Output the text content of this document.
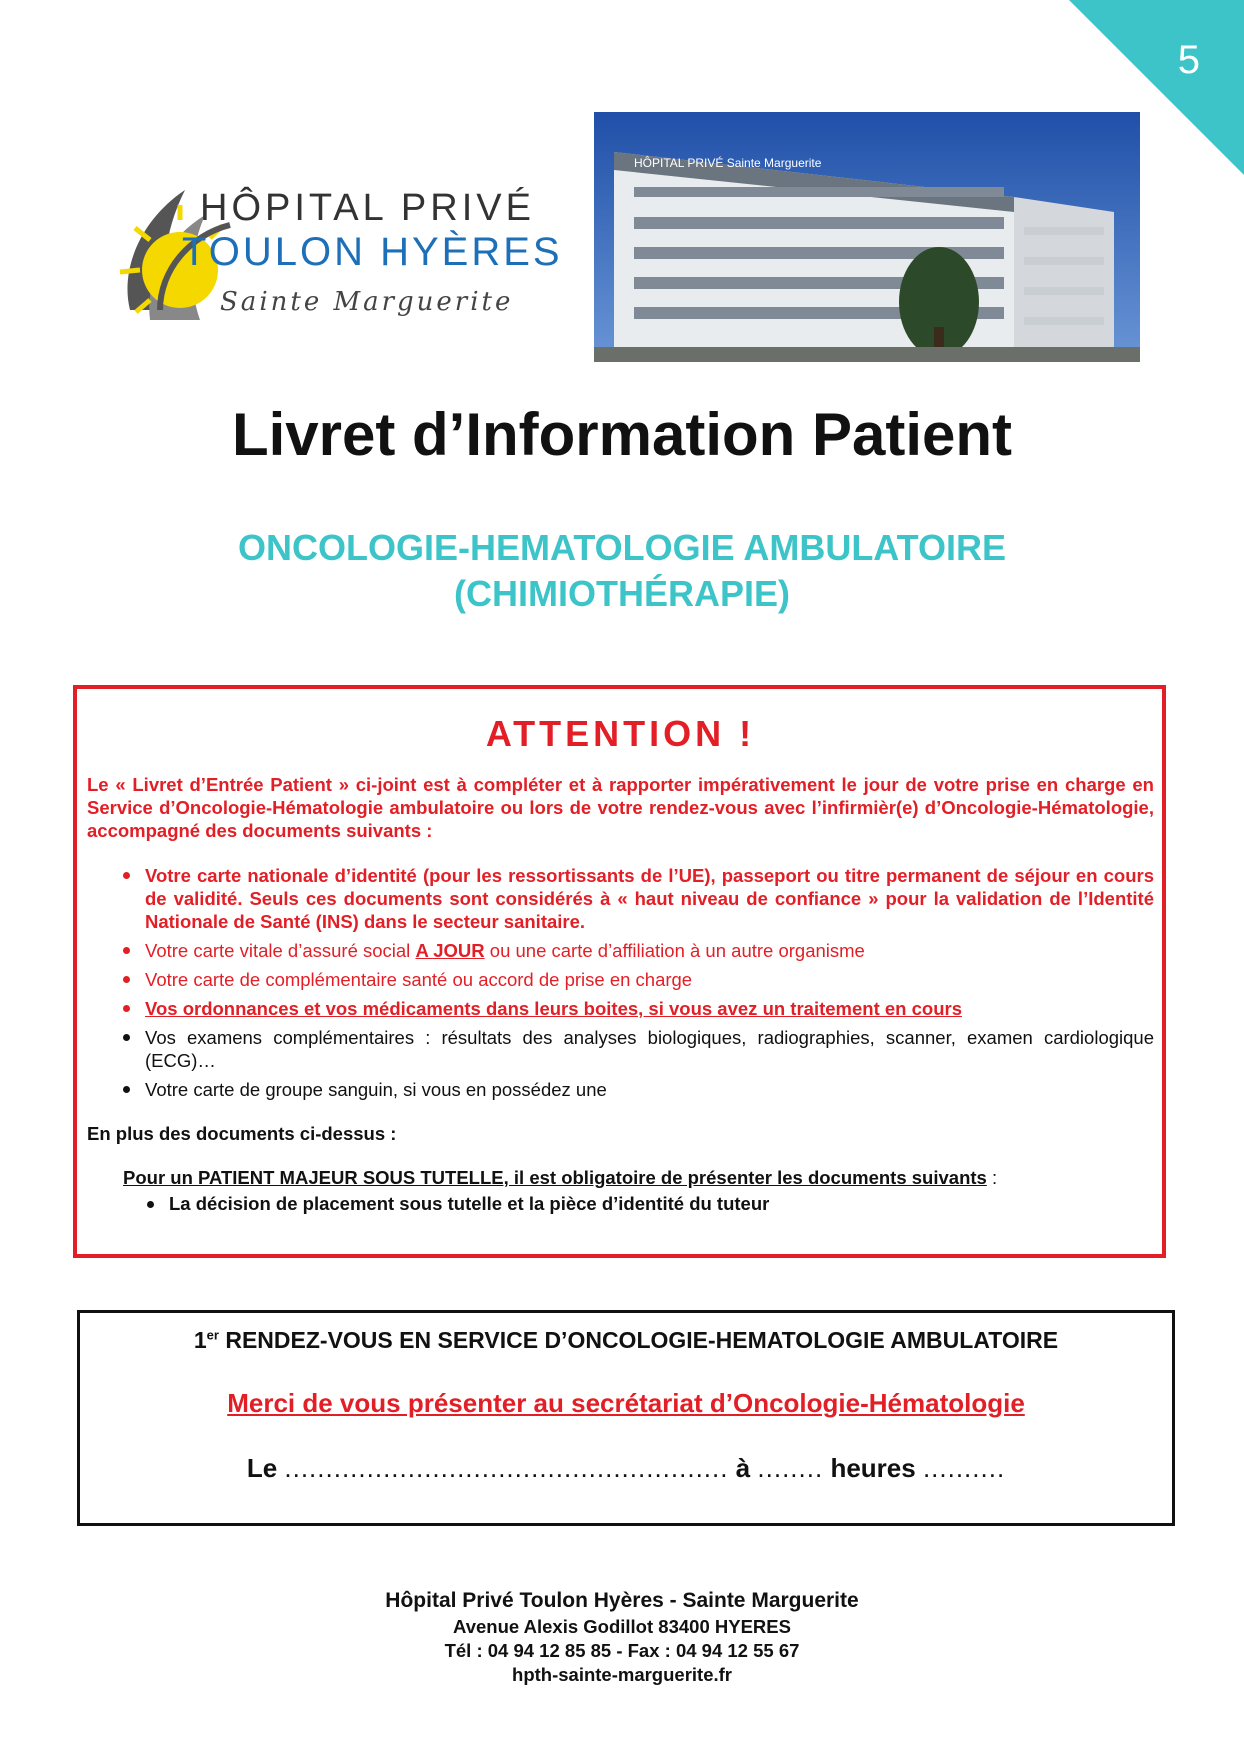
5
HÔPITAL PRIVÉ
TOULON HYÈRES
Sainte Marguerite
HÔPITAL PRIVÉ Sainte Marguerite
Livret d’Information Patient
ONCOLOGIE-HEMATOLOGIE AMBULATOIRE
(CHIMIOTHÉRAPIE)
ATTENTION !

Le « Livret d’Entrée Patient » ci-joint est à compléter et à rapporter impérativement le jour de votre prise en charge en Service d’Oncologie-Hématologie ambulatoire ou lors de votre rendez-vous avec l’infirmièr(e) d’Oncologie-Hématologie, accompagné des documents suivants :

Votre carte nationale d’identité (pour les ressortissants de l’UE), passeport ou titre permanent de séjour en cours de validité. Seuls ces documents sont considérés à « haut niveau de confiance » pour la validation de l’Identité Nationale de Santé (INS) dans le secteur sanitaire.
Votre carte vitale d’assuré social A JOUR ou une carte d’affiliation à un autre organisme
Votre carte de complémentaire santé ou accord de prise en charge
Vos ordonnances et vos médicaments dans leurs boites, si vous avez un traitement en cours
Vos examens complémentaires : résultats des analyses biologiques, radiographies, scanner, examen cardiologique (ECG)…
Votre carte de groupe sanguin, si vous en possédez une
En plus des documents ci-dessus :
Pour un PATIENT MAJEUR SOUS TUTELLE, il est obligatoire de présenter les documents suivants :
La décision de placement sous tutelle et la pièce d’identité du tuteur
1er RENDEZ-VOUS EN SERVICE D’ONCOLOGIE-HEMATOLOGIE AMBULATOIRE
Merci de vous présenter au secrétariat d’Oncologie-Hématologie
Le ...................................................... à ........ heures ..........
Hôpital Privé Toulon Hyères - Sainte Marguerite
Avenue Alexis Godillot 83400 HYERES
Tél : 04 94 12 85 85 - Fax : 04 94 12 55 67
hpth-sainte-marguerite.fr
